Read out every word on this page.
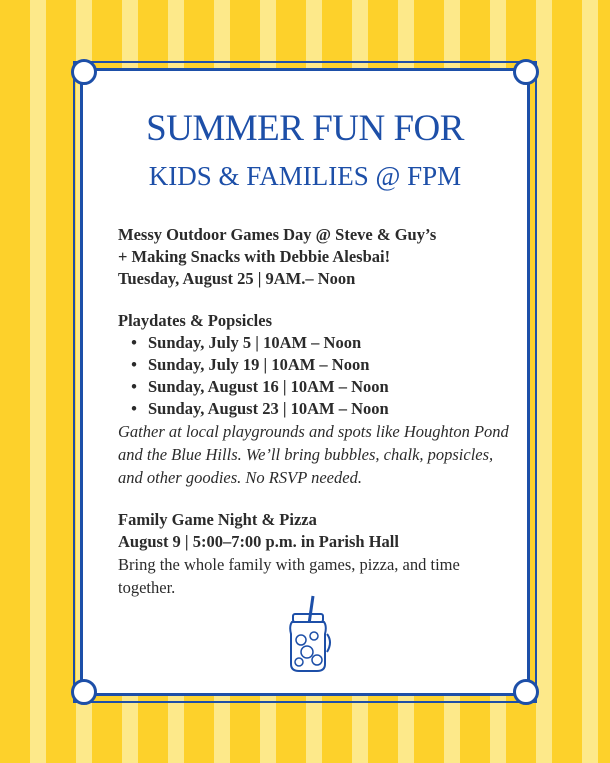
SUMMER FUN FOR
KIDS & FAMILIES @ FPM
Messy Outdoor Games Day @ Steve & Guy’s
+ Making Snacks with Debbie Alesbai!
Tuesday, August 25 | 9AM.– Noon
Playdates & Popsicles
• Sunday, July 5 | 10AM – Noon
• Sunday, July 19 | 10AM – Noon
• Sunday, August 16 | 10AM – Noon
• Sunday, August 23 | 10AM – Noon
Gather at local playgrounds and spots like Houghton Pond and the Blue Hills. We’ll bring bubbles, chalk, popsicles, and other goodies. No RSVP needed.
Family Game Night & Pizza
August 9 | 5:00–7:00 p.m. in Parish Hall
Bring the whole family with games, pizza, and time together.
